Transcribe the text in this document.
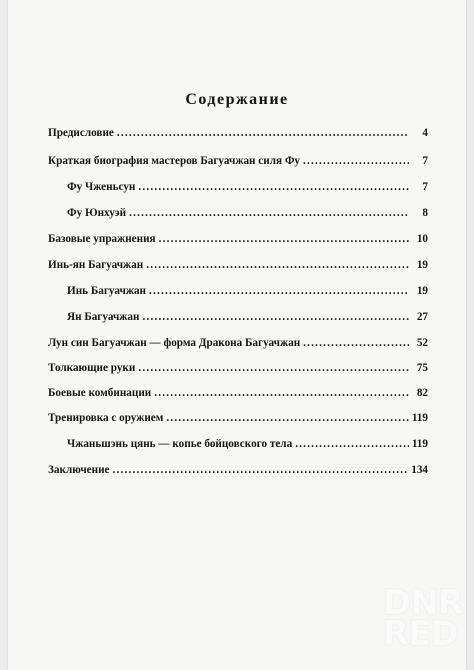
Содержание
Предисловие .....	4
Краткая биография мастеров Багуачжан силя Фу .....	7
Фу Чженьсун .....	7
Фу Юнхуэй .....	8
Базовые упражнения .....	10
Инь-ян Багуачжан .....	19
Инь Багуачжан .....	19
Ян Багуачжан .....	27
Лун син Багуачжан — форма Дракона Багуачжан .....	52
Толкающие руки .....	75
Боевые комбинации .....	82
Тренировка с оружием .....	119
Чжаньшэнь цянь — копье бойцовского тела .....	119
Заключение .....	134
DNR
RED
